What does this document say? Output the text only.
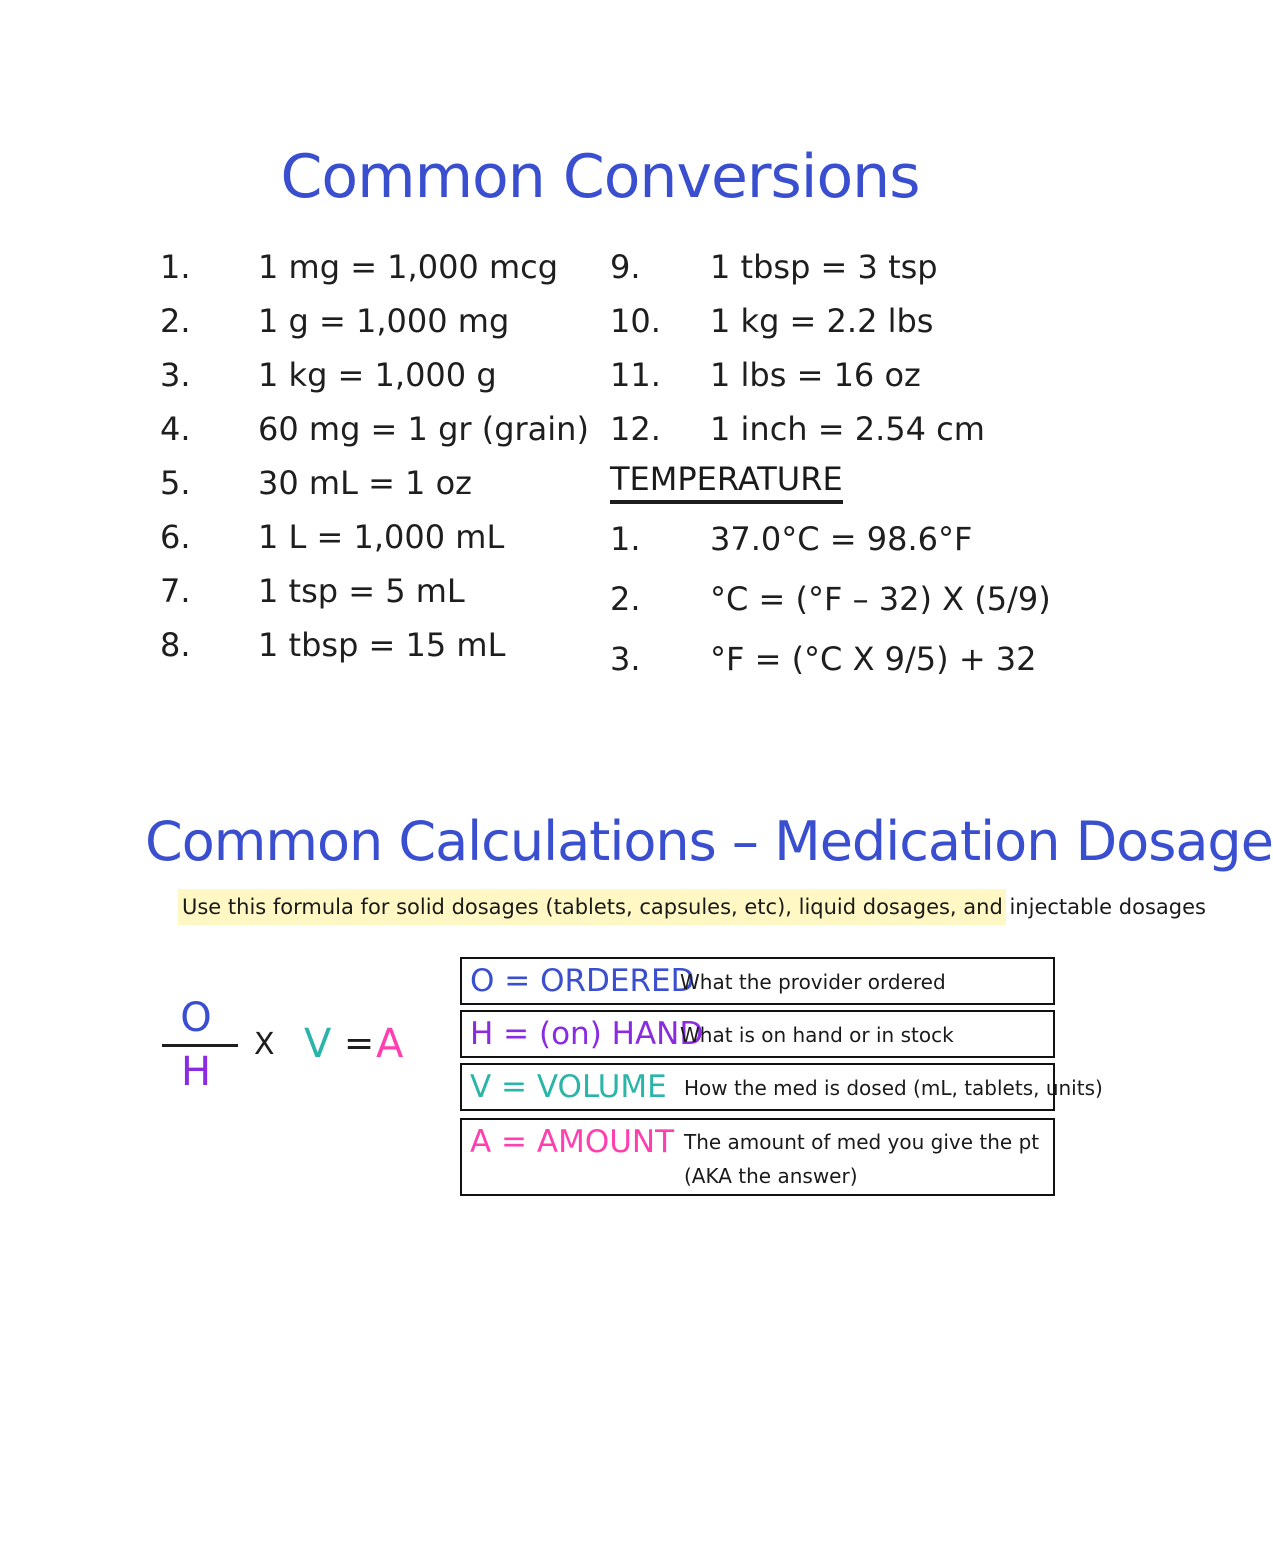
Common Conversions
1. 1 mg = 1,000 mcg
2. 1 g = 1,000 mg
3. 1 kg = 1,000 g
4. 60 mg = 1 gr (grain)
5. 30 mL = 1 oz
6. 1 L = 1,000 mL
7. 1 tsp = 5 mL
8. 1 tbsp = 15 mL
9. 1 tbsp = 3 tsp
10. 1 kg = 2.2 lbs
11. 1 lbs = 16 oz
12. 1 inch = 2.54 cm
TEMPERATURE
1. 37.0°C = 98.6°F
2. °C = (°F – 32) X (5/9)
3. °F = (°C X 9/5) + 32
Common Calculations – Medication Dosage
Use this formula for solid dosages (tablets, capsules, etc), liquid dosages, and injectable dosages
O
H
X V = A
O = ORDERED
What the provider ordered
H = (on) HAND
What is on hand or in stock
V = VOLUME How the med is dosed (mL, tablets, units)
A = AMOUNT The amount of med you give the pt
(AKA the answer)
